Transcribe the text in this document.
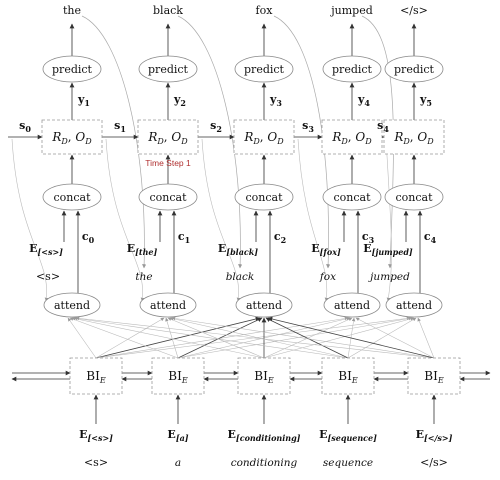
the
predict
$y_1$
$R_D$, $O_D$
concat
$c_0$
$E_{[<s>]}$
<s>
attend
black
predict
$y_2$
$R_D$, $O_D$
concat
$c_1$
$E_{[the]}$
the
attend
fox
predict
$y_3$
$R_D$, $O_D$
concat
$c_2$
$E_{[black]}$
black
attend
jumped
predict
$y_4$
$R_D$, $O_D$
concat
$c_3$
$E_{[fox]}$
fox
attend
</s>
predict
$y_5$
$R_D$, $O_D$
concat
$c_4$
$E_{[jumped]}$
jumped
attend
$s_0$	$s_1$	$s_2$	$s_3$	$s_4$
Time Step 1
$BI_E$
$E_{[<s>]}$
<s>
$BI_E$
$E_{[a]}$
a
$BI_E$
$E_{[conditioning]}$
conditioning
$BI_E$
$E_{[sequence]}$
sequence
$BI_E$
$E_{[</s>]}$
</s>
